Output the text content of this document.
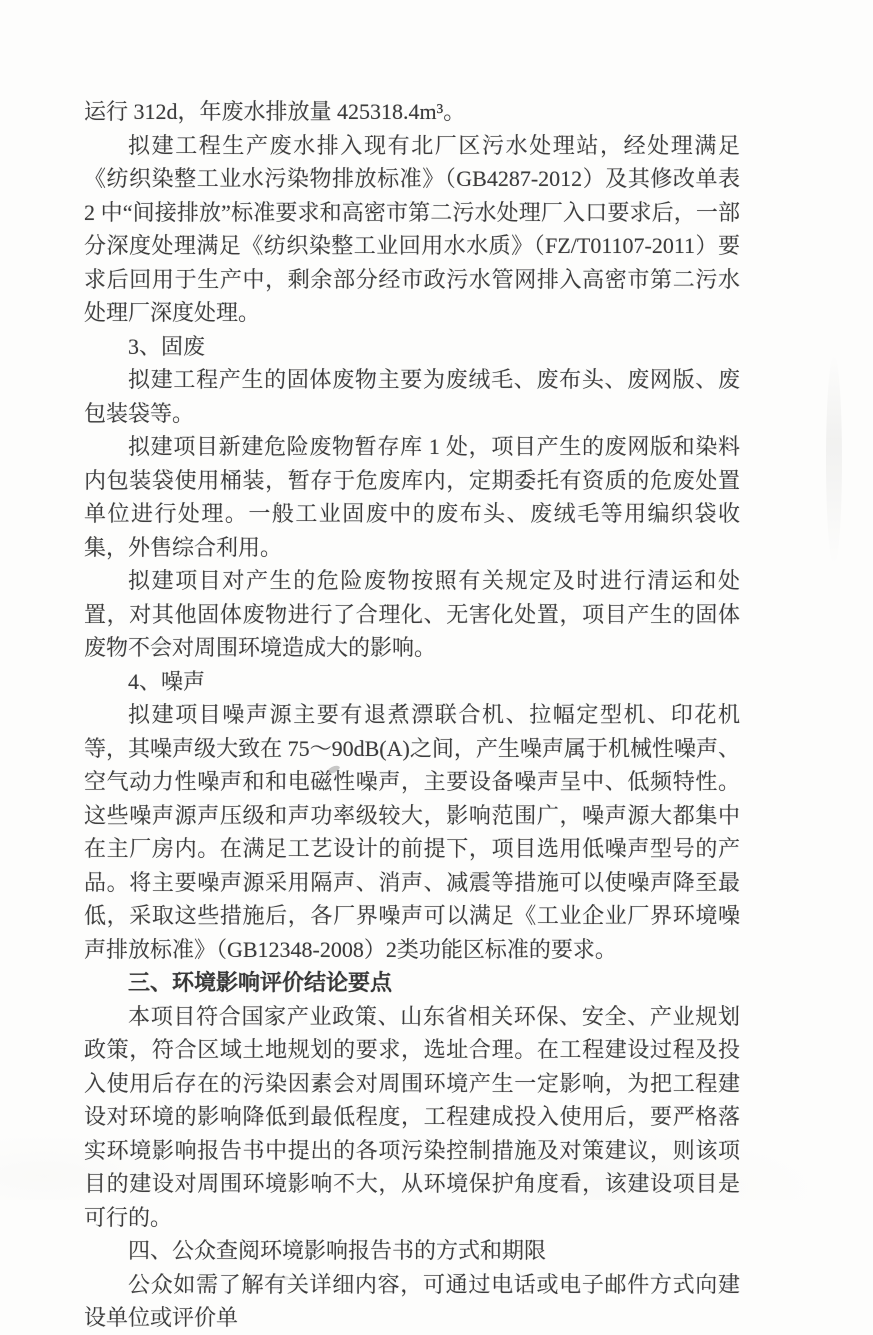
运行 312d，年废水排放量 425318.4m³。

拟建工程生产废水排入现有北厂区污水处理站，经处理满足《纺织染整工业水污染物排放标准》（GB4287-2012）及其修改单表 2 中“间接排放”标准要求和高密市第二污水处理厂入口要求后，一部分深度处理满足《纺织染整工业回用水水质》（FZ/T01107-2011）要求后回用于生产中，剩余部分经市政污水管网排入高密市第二污水处理厂深度处理。

3、固废

拟建工程产生的固体废物主要为废绒毛、废布头、废网版、废包装袋等。

拟建项目新建危险废物暂存库 1 处，项目产生的废网版和染料内包装袋使用桶装，暂存于危废库内，定期委托有资质的危废处置单位进行处理。一般工业固废中的废布头、废绒毛等用编织袋收集，外售综合利用。

拟建项目对产生的危险废物按照有关规定及时进行清运和处置，对其他固体废物进行了合理化、无害化处置，项目产生的固体废物不会对周围环境造成大的影响。

4、噪声

拟建项目噪声源主要有退煮漂联合机、拉幅定型机、印花机等，其噪声级大致在 75～90dB(A)之间，产生噪声属于机械性噪声、空气动力性噪声和和电磁性噪声，主要设备噪声呈中、低频特性。这些噪声源声压级和声功率级较大，影响范围广，噪声源大都集中在主厂房内。在满足工艺设计的前提下，项目选用低噪声型号的产品。将主要噪声源采用隔声、消声、减震等措施可以使噪声降至最低，采取这些措施后，各厂界噪声可以满足《工业企业厂界环境噪声排放标准》（GB12348-2008）2类功能区标准的要求。

三、环境影响评价结论要点

本项目符合国家产业政策、山东省相关环保、安全、产业规划政策，符合区域土地规划的要求，选址合理。在工程建设过程及投入使用后存在的污染因素会对周围环境产生一定影响，为把工程建设对环境的影响降低到最低程度，工程建成投入使用后，要严格落实环境影响报告书中提出的各项污染控制措施及对策建议，则该项目的建设对周围环境影响不大，从环境保护角度看，该建设项目是可行的。

四、公众查阅环境影响报告书的方式和期限

公众如需了解有关详细内容，可通过电话或电子邮件方式向建设单位或评价单
